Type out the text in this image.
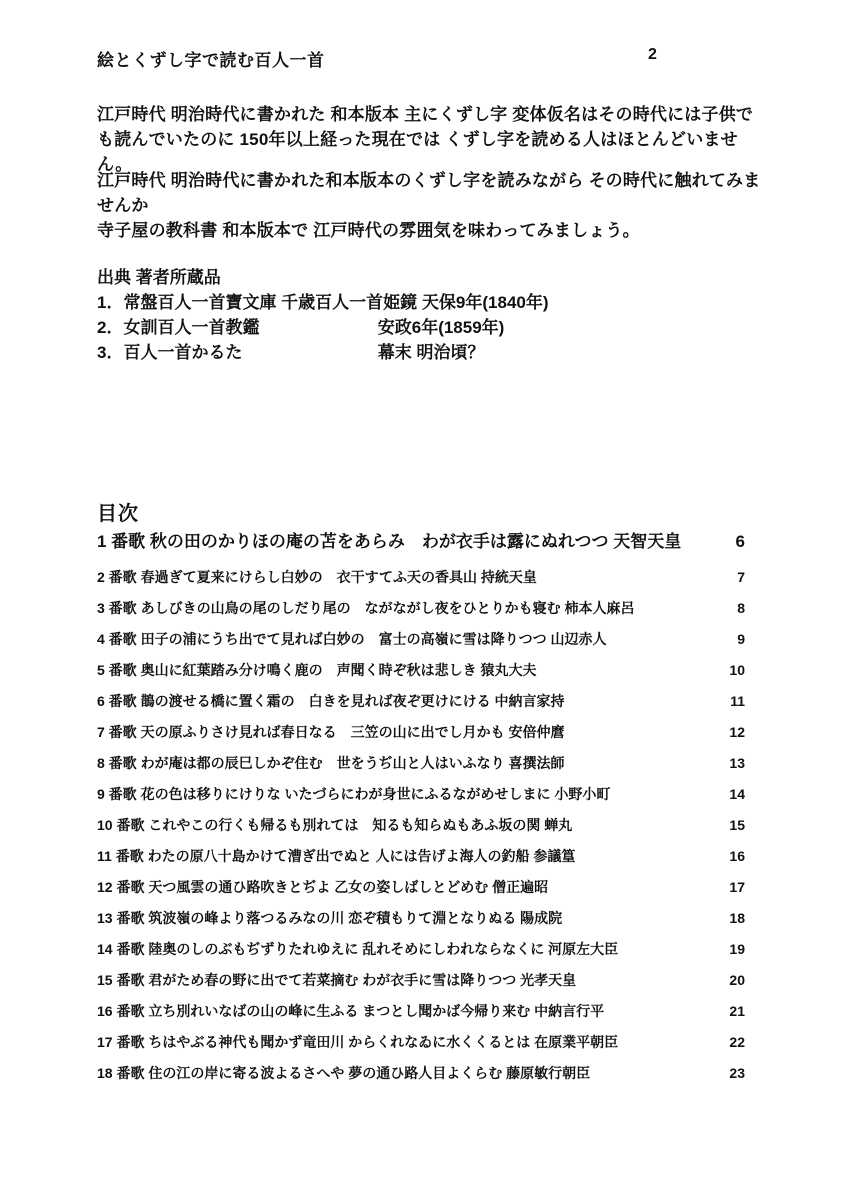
絵とくずし字で読む百人一首	2
江戸時代 明治時代に書かれた 和本版本 主にくずし字 変体仮名はその時代には子供でも読んでいたのに 150年以上経った現在では くずし字を読める人はほとんどいません。
江戸時代 明治時代に書かれた和本版本のくずし字を読みながら その時代に触れてみませんか
寺子屋の教科書 和本版本で 江戸時代の雰囲気を味わってみましょう。
出典 著者所蔵品
1．常盤百人一首寶文庫 千歳百人一首姫鏡 天保9年(1840年)
2．女訓百人一首教鑑	安政6年(1859年)
3．百人一首かるた	幕末 明治頃？
目次
1 番歌 秋の田のかりほの庵の苫をあらみ　わが衣手は露にぬれつつ 天智天皇	6
2 番歌 春過ぎて夏来にけらし白妙の　衣干すてふ天の香具山 持統天皇	7
3 番歌 あしびきの山鳥の尾のしだり尾の　ながながし夜をひとりかも寝む 柿本人麻呂	8
4 番歌 田子の浦にうち出でて見れば白妙の　富士の高嶺に雪は降りつつ 山辺赤人	9
5 番歌 奥山に紅葉踏み分け鳴く鹿の　声聞く時ぞ秋は悲しき 猿丸大夫	10
6 番歌 鵲の渡せる橋に置く霜の　白きを見れば夜ぞ更けにける 中納言家持	11
7 番歌 天の原ふりさけ見れば春日なる　三笠の山に出でし月かも 安倍仲麿	12
8 番歌 わが庵は都の辰巳しかぞ住む　世をうぢ山と人はいふなり 喜撰法師	13
9 番歌 花の色は移りにけりな いたづらにわが身世にふるながめせしまに 小野小町	14
10 番歌 これやこの行くも帰るも別れては　知るも知らぬもあふ坂の関 蝉丸	15
11 番歌 わたの原八十島かけて漕ぎ出でぬと 人には告げよ海人の釣船 参議篁	16
12 番歌 天つ風雲の通ひ路吹きとぢよ 乙女の姿しばしとどめむ 僧正遍昭	17
13 番歌 筑波嶺の峰より落つるみなの川 恋ぞ積もりて淵となりぬる 陽成院	18
14 番歌 陸奥のしのぶもぢずりたれゆえに 乱れそめにしわれならなくに 河原左大臣	19
15 番歌 君がため春の野に出でて若菜摘む わが衣手に雪は降りつつ 光孝天皇	20
16 番歌 立ち別れいなばの山の峰に生ふる まつとし聞かば今帰り来む 中納言行平	21
17 番歌 ちはやぶる神代も聞かず竜田川 からくれなゐに水くくるとは 在原業平朝臣	22
18 番歌 住の江の岸に寄る波よるさへや 夢の通ひ路人目よくらむ 藤原敏行朝臣	23
